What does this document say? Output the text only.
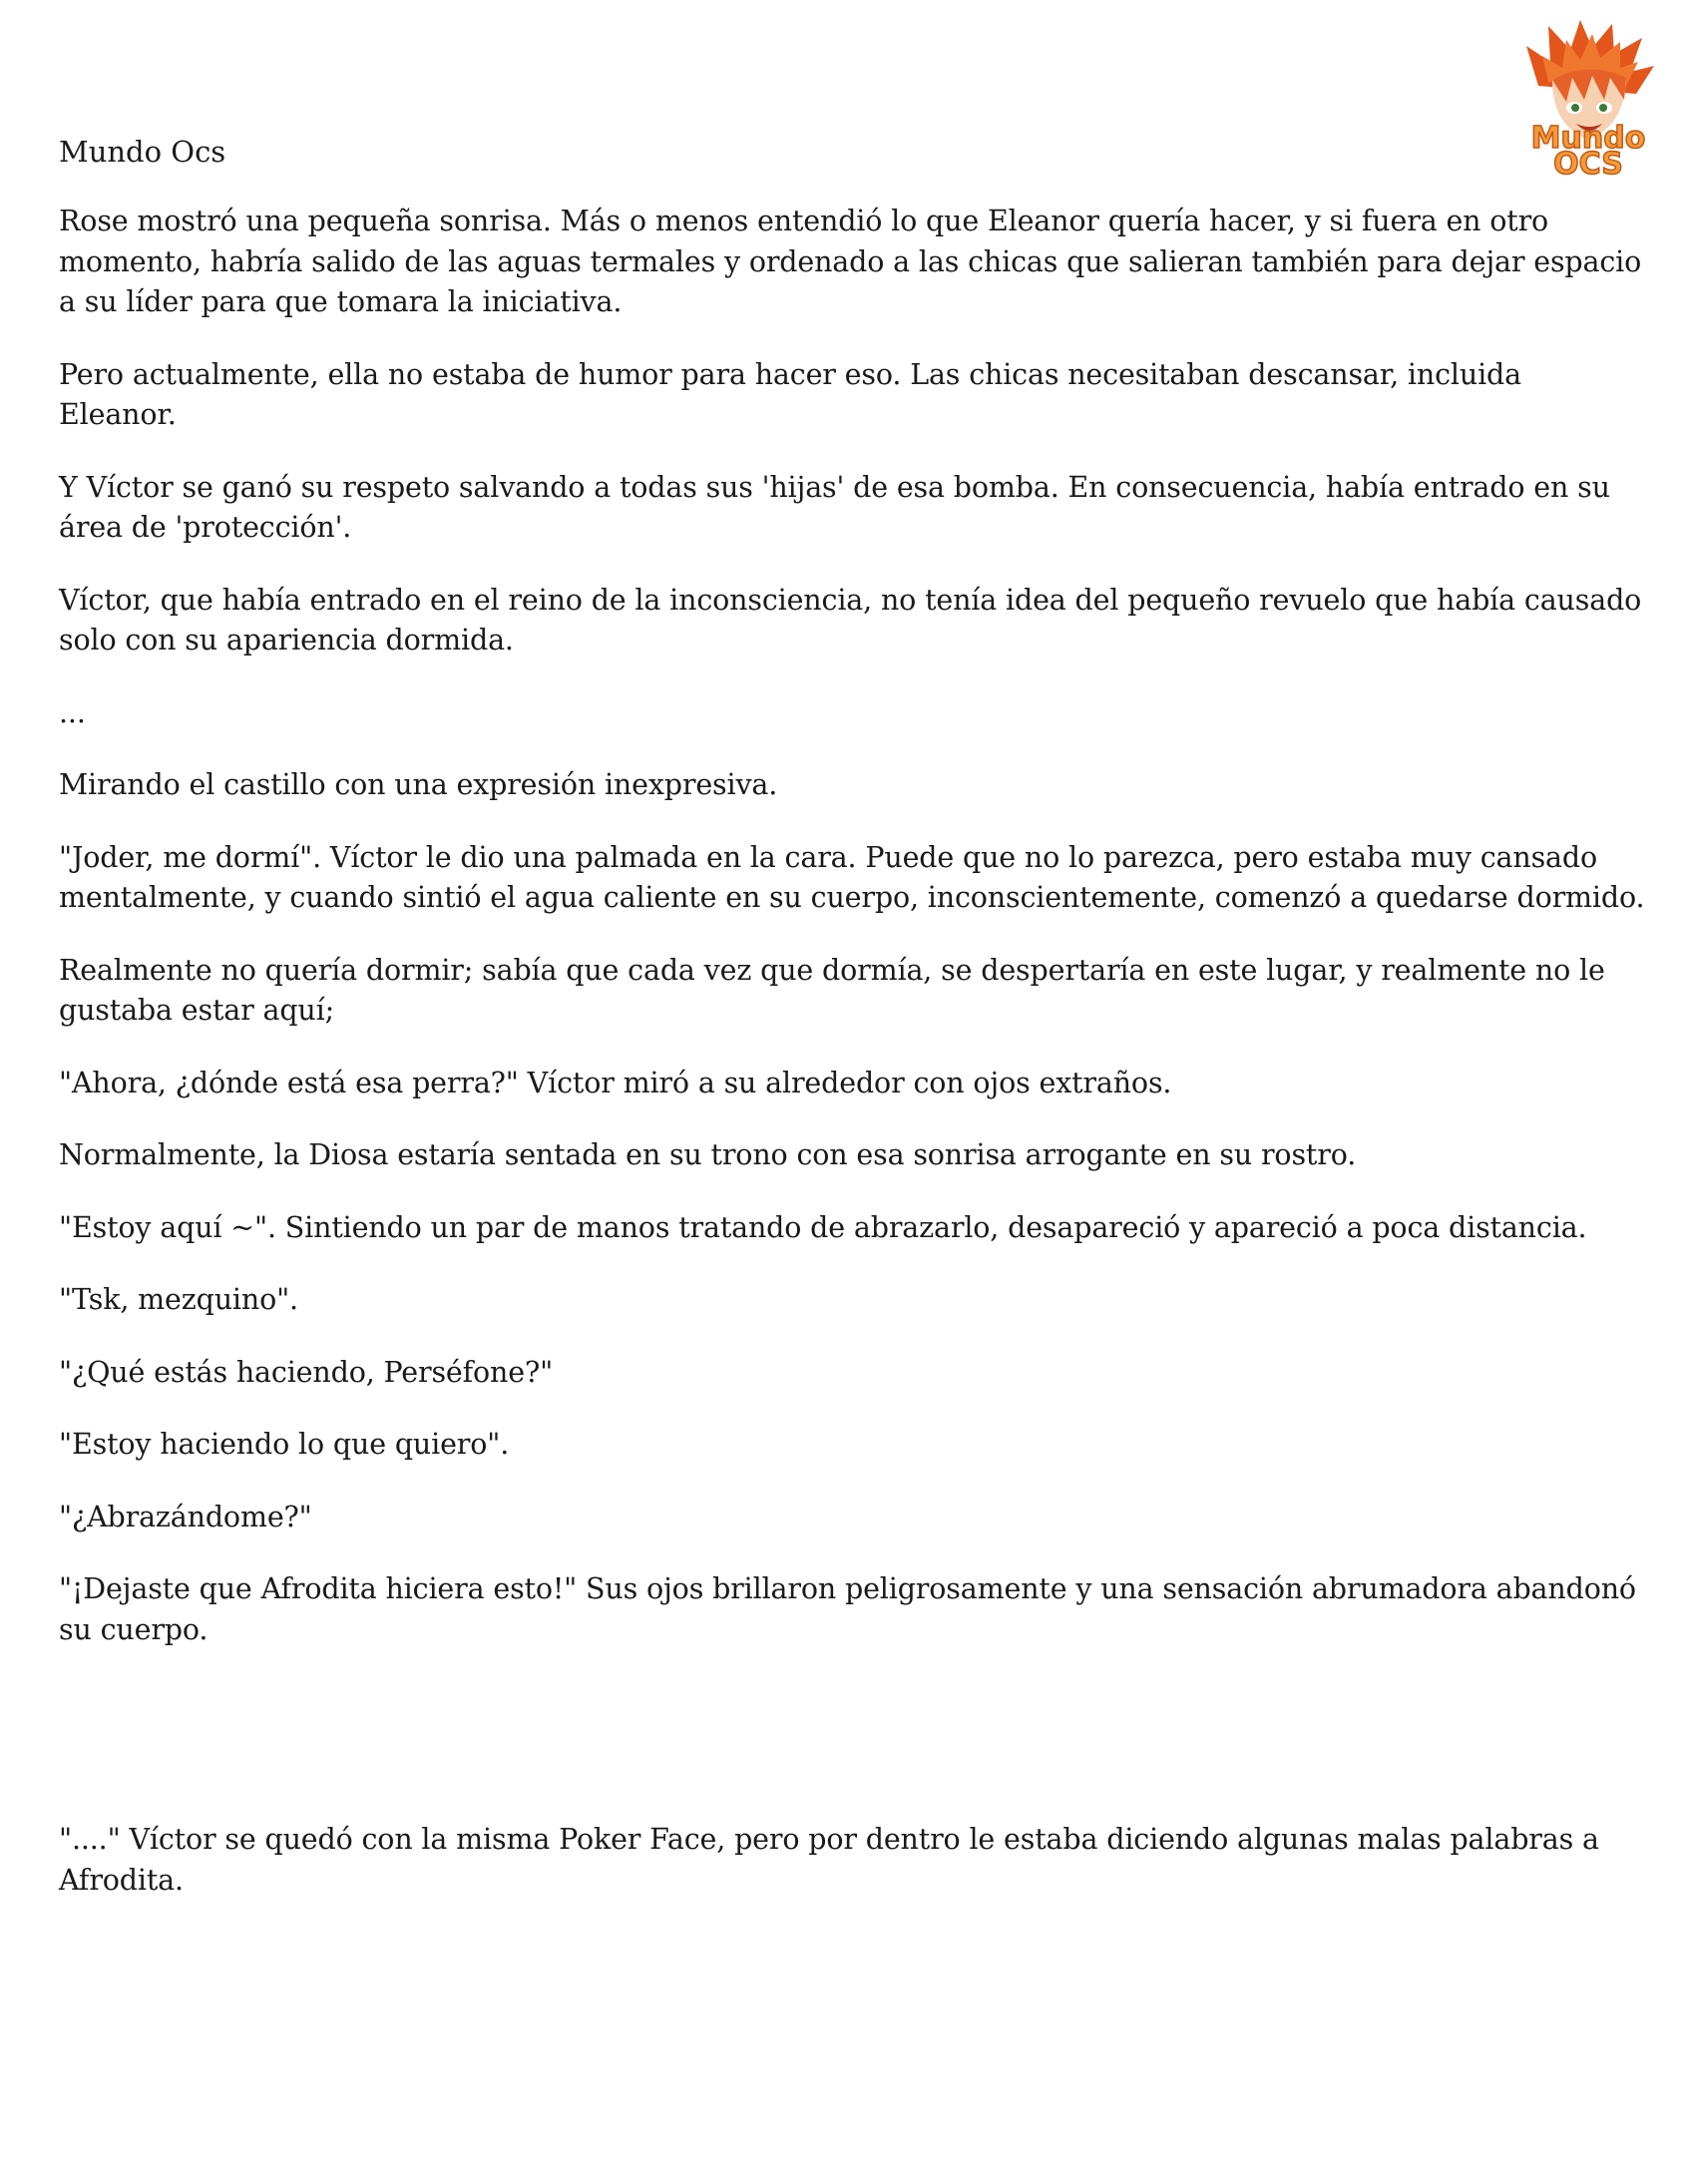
Mundo
OCS
Mundo Ocs

Rose mostró una pequeña sonrisa. Más o menos entendió lo que Eleanor quería hacer, y si fuera en otro momento, habría salido de las aguas termales y ordenado a las chicas que salieran también para dejar espacio a su líder para que tomara la iniciativa.

Pero actualmente, ella no estaba de humor para hacer eso. Las chicas necesitaban descansar, incluida Eleanor.

Y Víctor se ganó su respeto salvando a todas sus 'hijas' de esa bomba. En consecuencia, había entrado en su área de 'protección'.

Víctor, que había entrado en el reino de la inconsciencia, no tenía idea del pequeño revuelo que había causado solo con su apariencia dormida.

...

Mirando el castillo con una expresión inexpresiva.

"Joder, me dormí". Víctor le dio una palmada en la cara. Puede que no lo parezca, pero estaba muy cansado mentalmente, y cuando sintió el agua caliente en su cuerpo, inconscientemente, comenzó a quedarse dormido.

Realmente no quería dormir; sabía que cada vez que dormía, se despertaría en este lugar, y realmente no le gustaba estar aquí;

"Ahora, ¿dónde está esa perra?" Víctor miró a su alrededor con ojos extraños.

Normalmente, la Diosa estaría sentada en su trono con esa sonrisa arrogante en su rostro.

"Estoy aquí ~". Sintiendo un par de manos tratando de abrazarlo, desapareció y apareció a poca distancia.

"Tsk, mezquino".

"¿Qué estás haciendo, Perséfone?"

"Estoy haciendo lo que quiero".

"¿Abrazándome?"

"¡Dejaste que Afrodita hiciera esto!" Sus ojos brillaron peligrosamente y una sensación abrumadora abandonó su cuerpo.

"...." Víctor se quedó con la misma Poker Face, pero por dentro le estaba diciendo algunas malas palabras a Afrodita.
